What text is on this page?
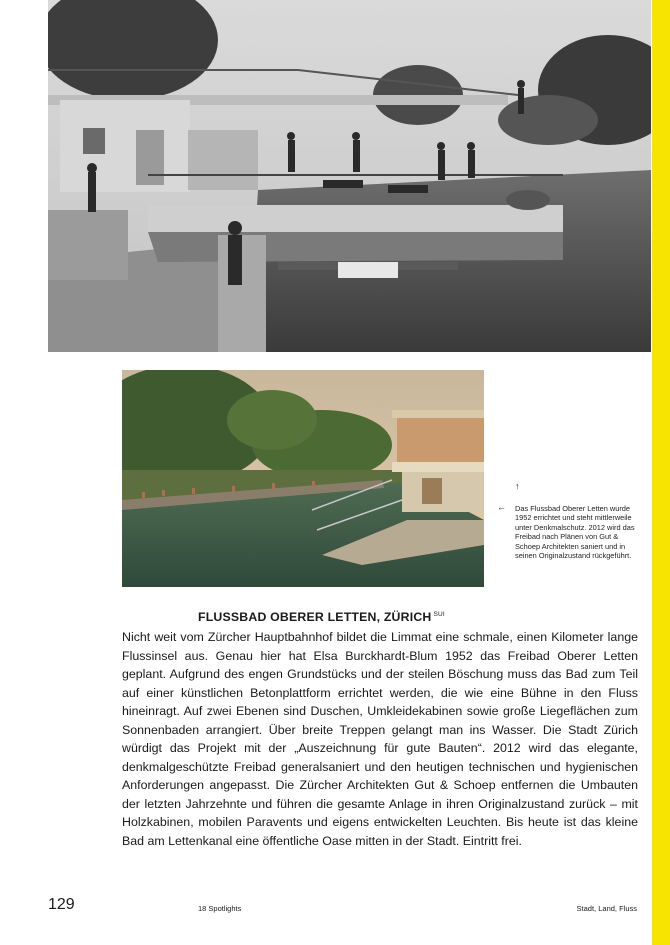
↑
← Das Flussbad Oberer Letten wurde 1952 errichtet und steht mittlerweile unter Denkmalschutz. 2012 wird das Freibad nach Plänen von Gut & Schoep Architekten saniert und in seinen Originalzustand rückgeführt.
FLUSSBAD OBERER LETTEN, ZÜRICH $^{SUI}$
Nicht weit vom Zürcher Hauptbahnhof bildet die Limmat eine schmale, einen Kilometer lange Flussinsel aus. Genau hier hat Elsa Burckhardt-Blum 1952 das Freibad Oberer Letten geplant. Aufgrund des engen Grundstücks und der steilen Böschung muss das Bad zum Teil auf einer künstlichen Betonplattform errichtet werden, die wie eine Bühne in den Fluss hineinragt. Auf zwei Ebenen sind Duschen, Umkleidekabinen sowie große Liegeflächen zum Sonnenbaden arrangiert. Über breite Treppen gelangt man ins Wasser. Die Stadt Zürich würdigt das Projekt mit der „Auszeichnung für gute Bauten“. 2012 wird das elegante, denkmalgeschützte Freibad generalsaniert und den heutigen technischen und hygienischen Anforderungen angepasst. Die Zürcher Architekten Gut & Schoep entfernen die Umbauten der letzten Jahrzehnte und führen die gesamte Anlage in ihren Originalzustand zurück – mit Holzkabinen, mobilen Paravents und eigens entwickelten Leuchten. Bis heute ist das kleine Bad am Lettenkanal eine öffentliche Oase mitten in der Stadt. Eintritt frei.
129	18 Spotlights	Stadt, Land, Fluss
